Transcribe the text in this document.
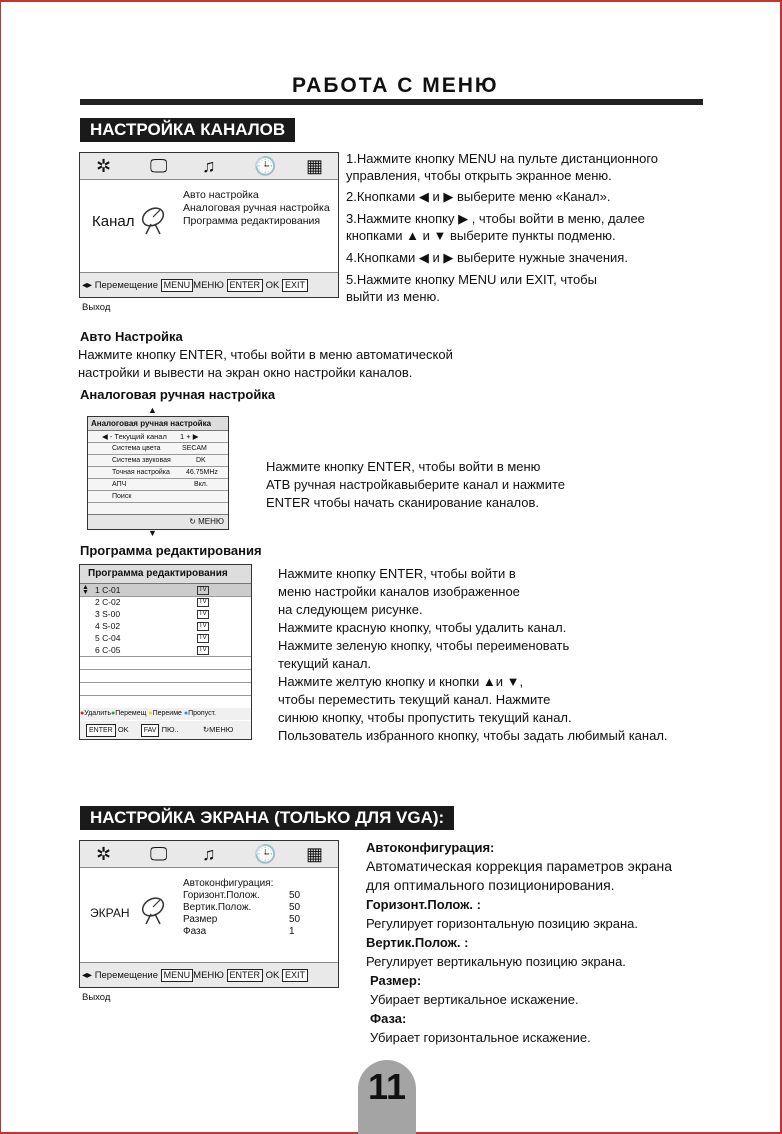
РАБОТА С МЕНЮ
НАСТРОЙКА КАНАЛОВ
✲ 🖵 ♫ 🕒 ▦
Канал
Авто настройка
Аналоговая ручная настройка
Программа редактирования
◂▸ Перемещение MENU МЕНЮ ENTER OK EXIT Выход
1.Нажмите кнопку MENU на пульте дистанционного
управления, чтобы открыть экранное меню.
2.Кнопками ◀ и ▶ выберите меню «Канал».
3.Нажмите кнопку ▶ , чтобы войти в меню, далее
кнопками ▲ и ▼ выберите пункты подменю.
4.Кнопками ◀ и ▶ выберите нужные значения.
5.Нажмите кнопку MENU или EXIT, чтобы
выйти из меню.
Авто Настройка
Нажмите кнопку ENTER, чтобы войти в меню автоматической
настройки и вывести на экран окно настройки каналов.
Аналоговая ручная настройка
▲
Аналоговая ручная настройка
◀ - Текущий канал 1 + ▶
Система цвета	SECAM
Система звуковая	DK
Точная настройка 46.75MHz
АПЧ	Вкл.
Поиск
↻ МЕНЮ
▼
Нажмите кнопку ENTER, чтобы войти в меню
АТВ ручная настройкавыберите канал и нажмите
ENTER чтобы начать сканирование каналов.
Программа редактирования
Программа редактирования
▲
▼ 1 C-01	TV
2 C-02	TV
3 S-00	TV
4 S-02	TV
5 C-04	TV
6 C-05	TV
●Удалить●Перемещ ●Переиме ●Пропуст.
ENTER OK FAV ПЮ..	↻МЕНЮ
Нажмите кнопку ENTER, чтобы войти в
меню настройки каналов изображенное
на следующем рисунке.
Нажмите красную кнопку, чтобы удалить канал.
Нажмите зеленую кнопку, чтобы переименовать
текущий канал.
Нажмите желтую кнопку и кнопки ▲и ▼,
чтобы переместить текущий канал. Нажмите
синюю кнопку, чтобы пропустить текущий канал.
Пользователь избранного кнопку, чтобы задать любимый канал.
НАСТРОЙКА ЭКРАНА (ТОЛЬКО ДЛЯ VGA):
✲ 🖵 ♫ 🕒 ▦
ЭКРАН
Автоконфигурация:
Горизонт.Полож.	50
Вертик.Полож.	50
Размер	50
Фаза	1
◂▸ Перемещение MENU МЕНЮ ENTER OK EXIT Выход
Автоконфигурация:
Автоматическая коррекция параметров экрана
для оптимального позиционирования.
Горизонт.Полож. :
Регулирует горизонтальную позицию экрана.
Вертик.Полож. :
Регулирует вертикальную позицию экрана.
Размер:
Убирает вертикальное искажение.
Фаза:
Убирает горизонтальное искажение.
11
